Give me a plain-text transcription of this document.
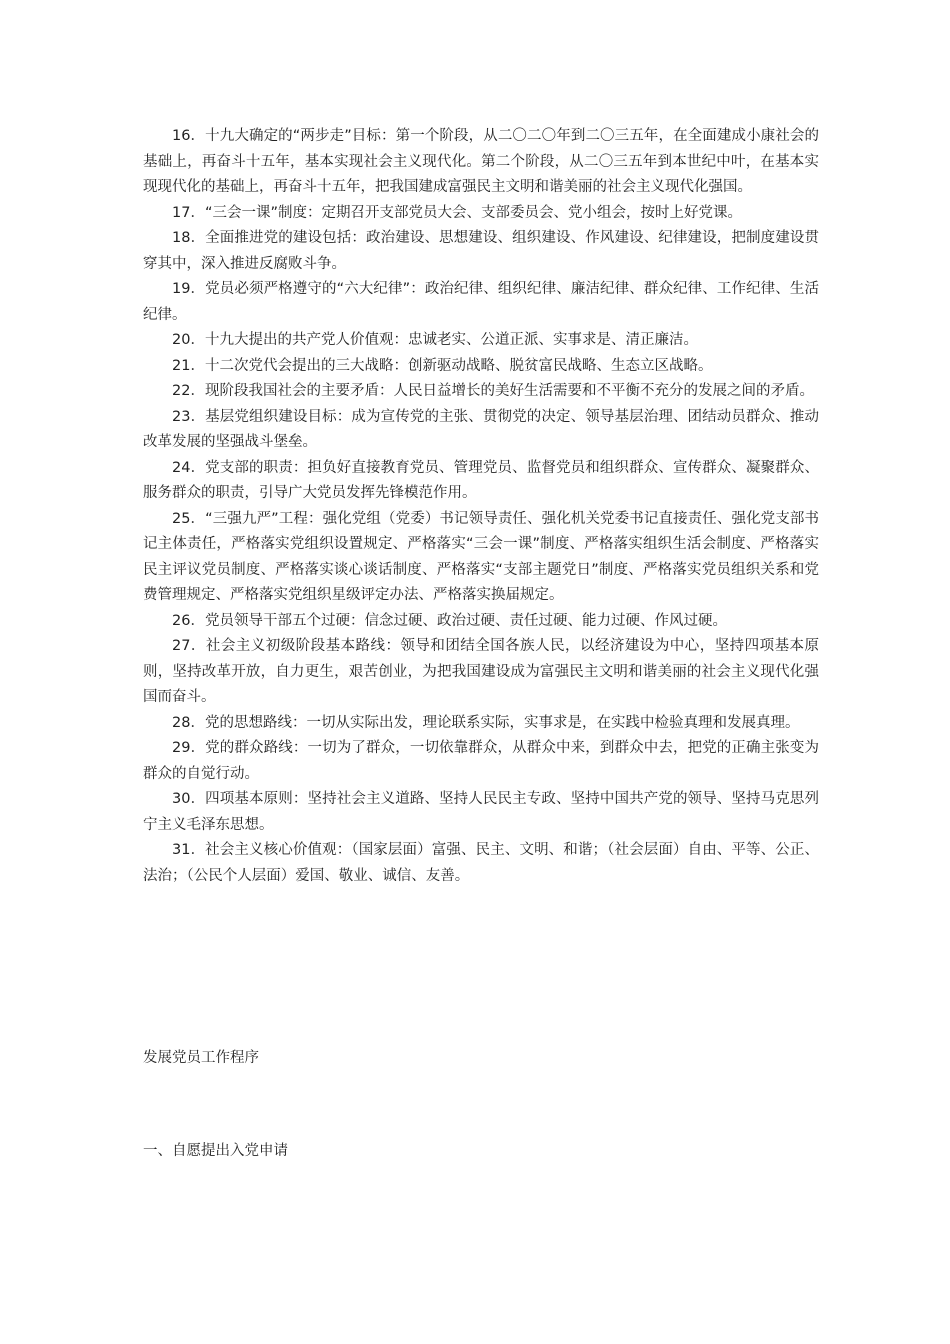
16．十九大确定的“两步走”目标：第一个阶段，从二〇二〇年到二〇三五年，在全面建成小康社会的基础上，再奋斗十五年，基本实现社会主义现代化。第二个阶段，从二〇三五年到本世纪中叶，在基本实现现代化的基础上，再奋斗十五年，把我国建成富强民主文明和谐美丽的社会主义现代化强国。

17．“三会一课”制度：定期召开支部党员大会、支部委员会、党小组会，按时上好党课。

18．全面推进党的建设包括：政治建设、思想建设、组织建设、作风建设、纪律建设，把制度建设贯穿其中，深入推进反腐败斗争。

19．党员必须严格遵守的“六大纪律”：政治纪律、组织纪律、廉洁纪律、群众纪律、工作纪律、生活纪律。

20．十九大提出的共产党人价值观：忠诚老实、公道正派、实事求是、清正廉洁。

21．十二次党代会提出的三大战略：创新驱动战略、脱贫富民战略、生态立区战略。

22．现阶段我国社会的主要矛盾：人民日益增长的美好生活需要和不平衡不充分的发展之间的矛盾。

23．基层党组织建设目标：成为宣传党的主张、贯彻党的决定、领导基层治理、团结动员群众、推动改革发展的坚强战斗堡垒。

24．党支部的职责：担负好直接教育党员、管理党员、监督党员和组织群众、宣传群众、凝聚群众、服务群众的职责，引导广大党员发挥先锋模范作用。

25．“三强九严”工程：强化党组（党委）书记领导责任、强化机关党委书记直接责任、强化党支部书记主体责任，严格落实党组织设置规定、严格落实“三会一课”制度、严格落实组织生活会制度、严格落实民主评议党员制度、严格落实谈心谈话制度、严格落实“支部主题党日”制度、严格落实党员组织关系和党费管理规定、严格落实党组织星级评定办法、严格落实换届规定。

26．党员领导干部五个过硬：信念过硬、政治过硬、责任过硬、能力过硬、作风过硬。

27．社会主义初级阶段基本路线：领导和团结全国各族人民，以经济建设为中心，坚持四项基本原则，坚持改革开放，自力更生，艰苦创业，为把我国建设成为富强民主文明和谐美丽的社会主义现代化强国而奋斗。

28．党的思想路线：一切从实际出发，理论联系实际，实事求是，在实践中检验真理和发展真理。

29．党的群众路线：一切为了群众，一切依靠群众，从群众中来，到群众中去，把党的正确主张变为群众的自觉行动。

30．四项基本原则：坚持社会主义道路、坚持人民民主专政、坚持中国共产党的领导、坚持马克思列宁主义毛泽东思想。

31．社会主义核心价值观：（国家层面）富强、民主、文明、和谐；（社会层面）自由、平等、公正、法治；（公民个人层面）爱国、敬业、诚信、友善。

发展党员工作程序

一、自愿提出入党申请
